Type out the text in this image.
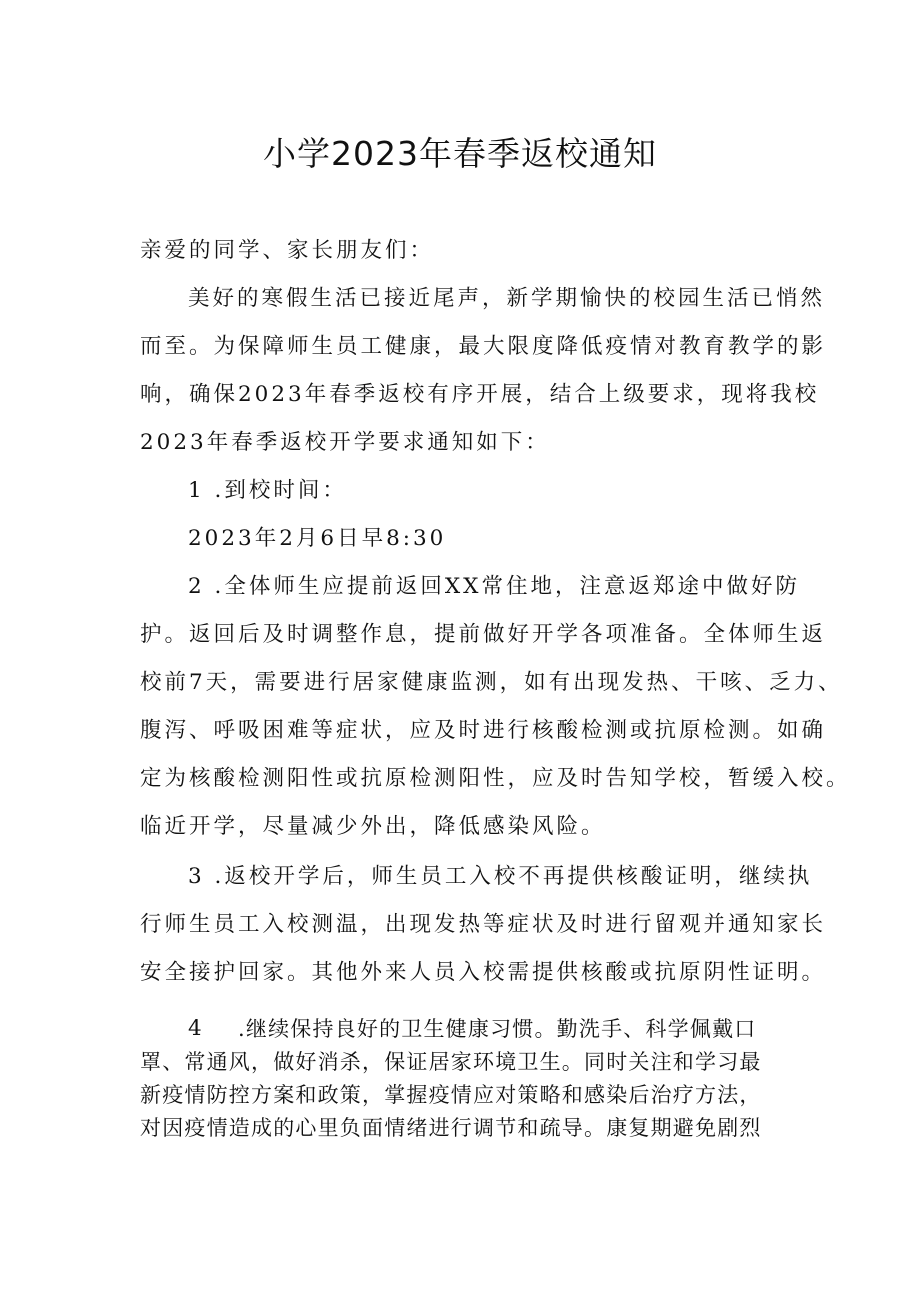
小学2023年春季返校通知
亲爱的同学、家长朋友们：
美好的寒假生活已接近尾声，新学期愉快的校园生活已悄然
而至。为保障师生员工健康，最大限度降低疫情对教育教学的影
响，确保2023年春季返校有序开展，结合上级要求，现将我校
2023年春季返校开学要求通知如下：
1 .到校时间：
2023年2月6日早8:30
2 .全体师生应提前返回XX常住地，注意返郑途中做好防
护。返回后及时调整作息，提前做好开学各项准备。全体师生返
校前7天，需要进行居家健康监测，如有出现发热、干咳、乏力、
腹泻、呼吸困难等症状，应及时进行核酸检测或抗原检测。如确
定为核酸检测阳性或抗原检测阳性，应及时告知学校，暂缓入校。
临近开学，尽量减少外出，降低感染风险。
3 .返校开学后，师生员工入校不再提供核酸证明，继续执
行师生员工入校测温，出现发热等症状及时进行留观并通知家长
安全接护回家。其他外来人员入校需提供核酸或抗原阴性证明。
4 .继续保持良好的卫生健康习惯。勤洗手、科学佩戴口
罩、常通风，做好消杀，保证居家环境卫生。同时关注和学习最
新疫情防控方案和政策，掌握疫情应对策略和感染后治疗方法，
对因疫情造成的心里负面情绪进行调节和疏导。康复期避免剧烈
